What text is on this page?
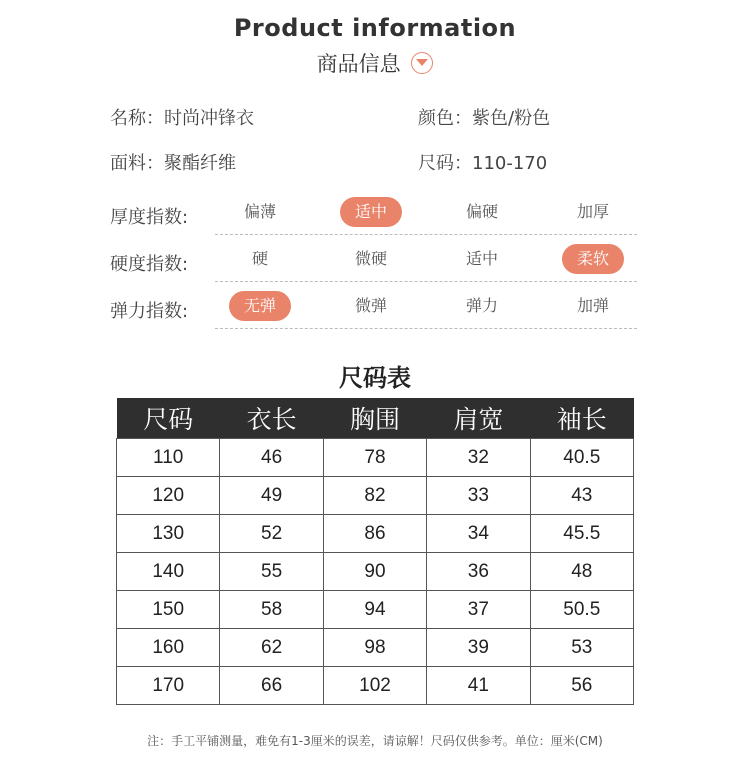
Product information
商品信息
名称：时尚冲锋衣	颜色：紫色/粉色
面料：聚酯纤维	尺码：110-170
厚度指数:	偏薄	适中	偏硬	加厚
硬度指数:	硬	微硬	适中	柔软
弹力指数:	无弹	微弹	弹力	加弹
尺码表
尺码	衣长	胸围	肩宽	袖长
110	46	78	32	40.5
120	49	82	33	43
130	52	86	34	45.5
140	55	90	36	48
150	58	94	37	50.5
160	62	98	39	53
170	66	102	41	56
注：手工平铺测量，难免有1-3厘米的误差，请谅解！尺码仅供参考。单位：厘米(CM)
